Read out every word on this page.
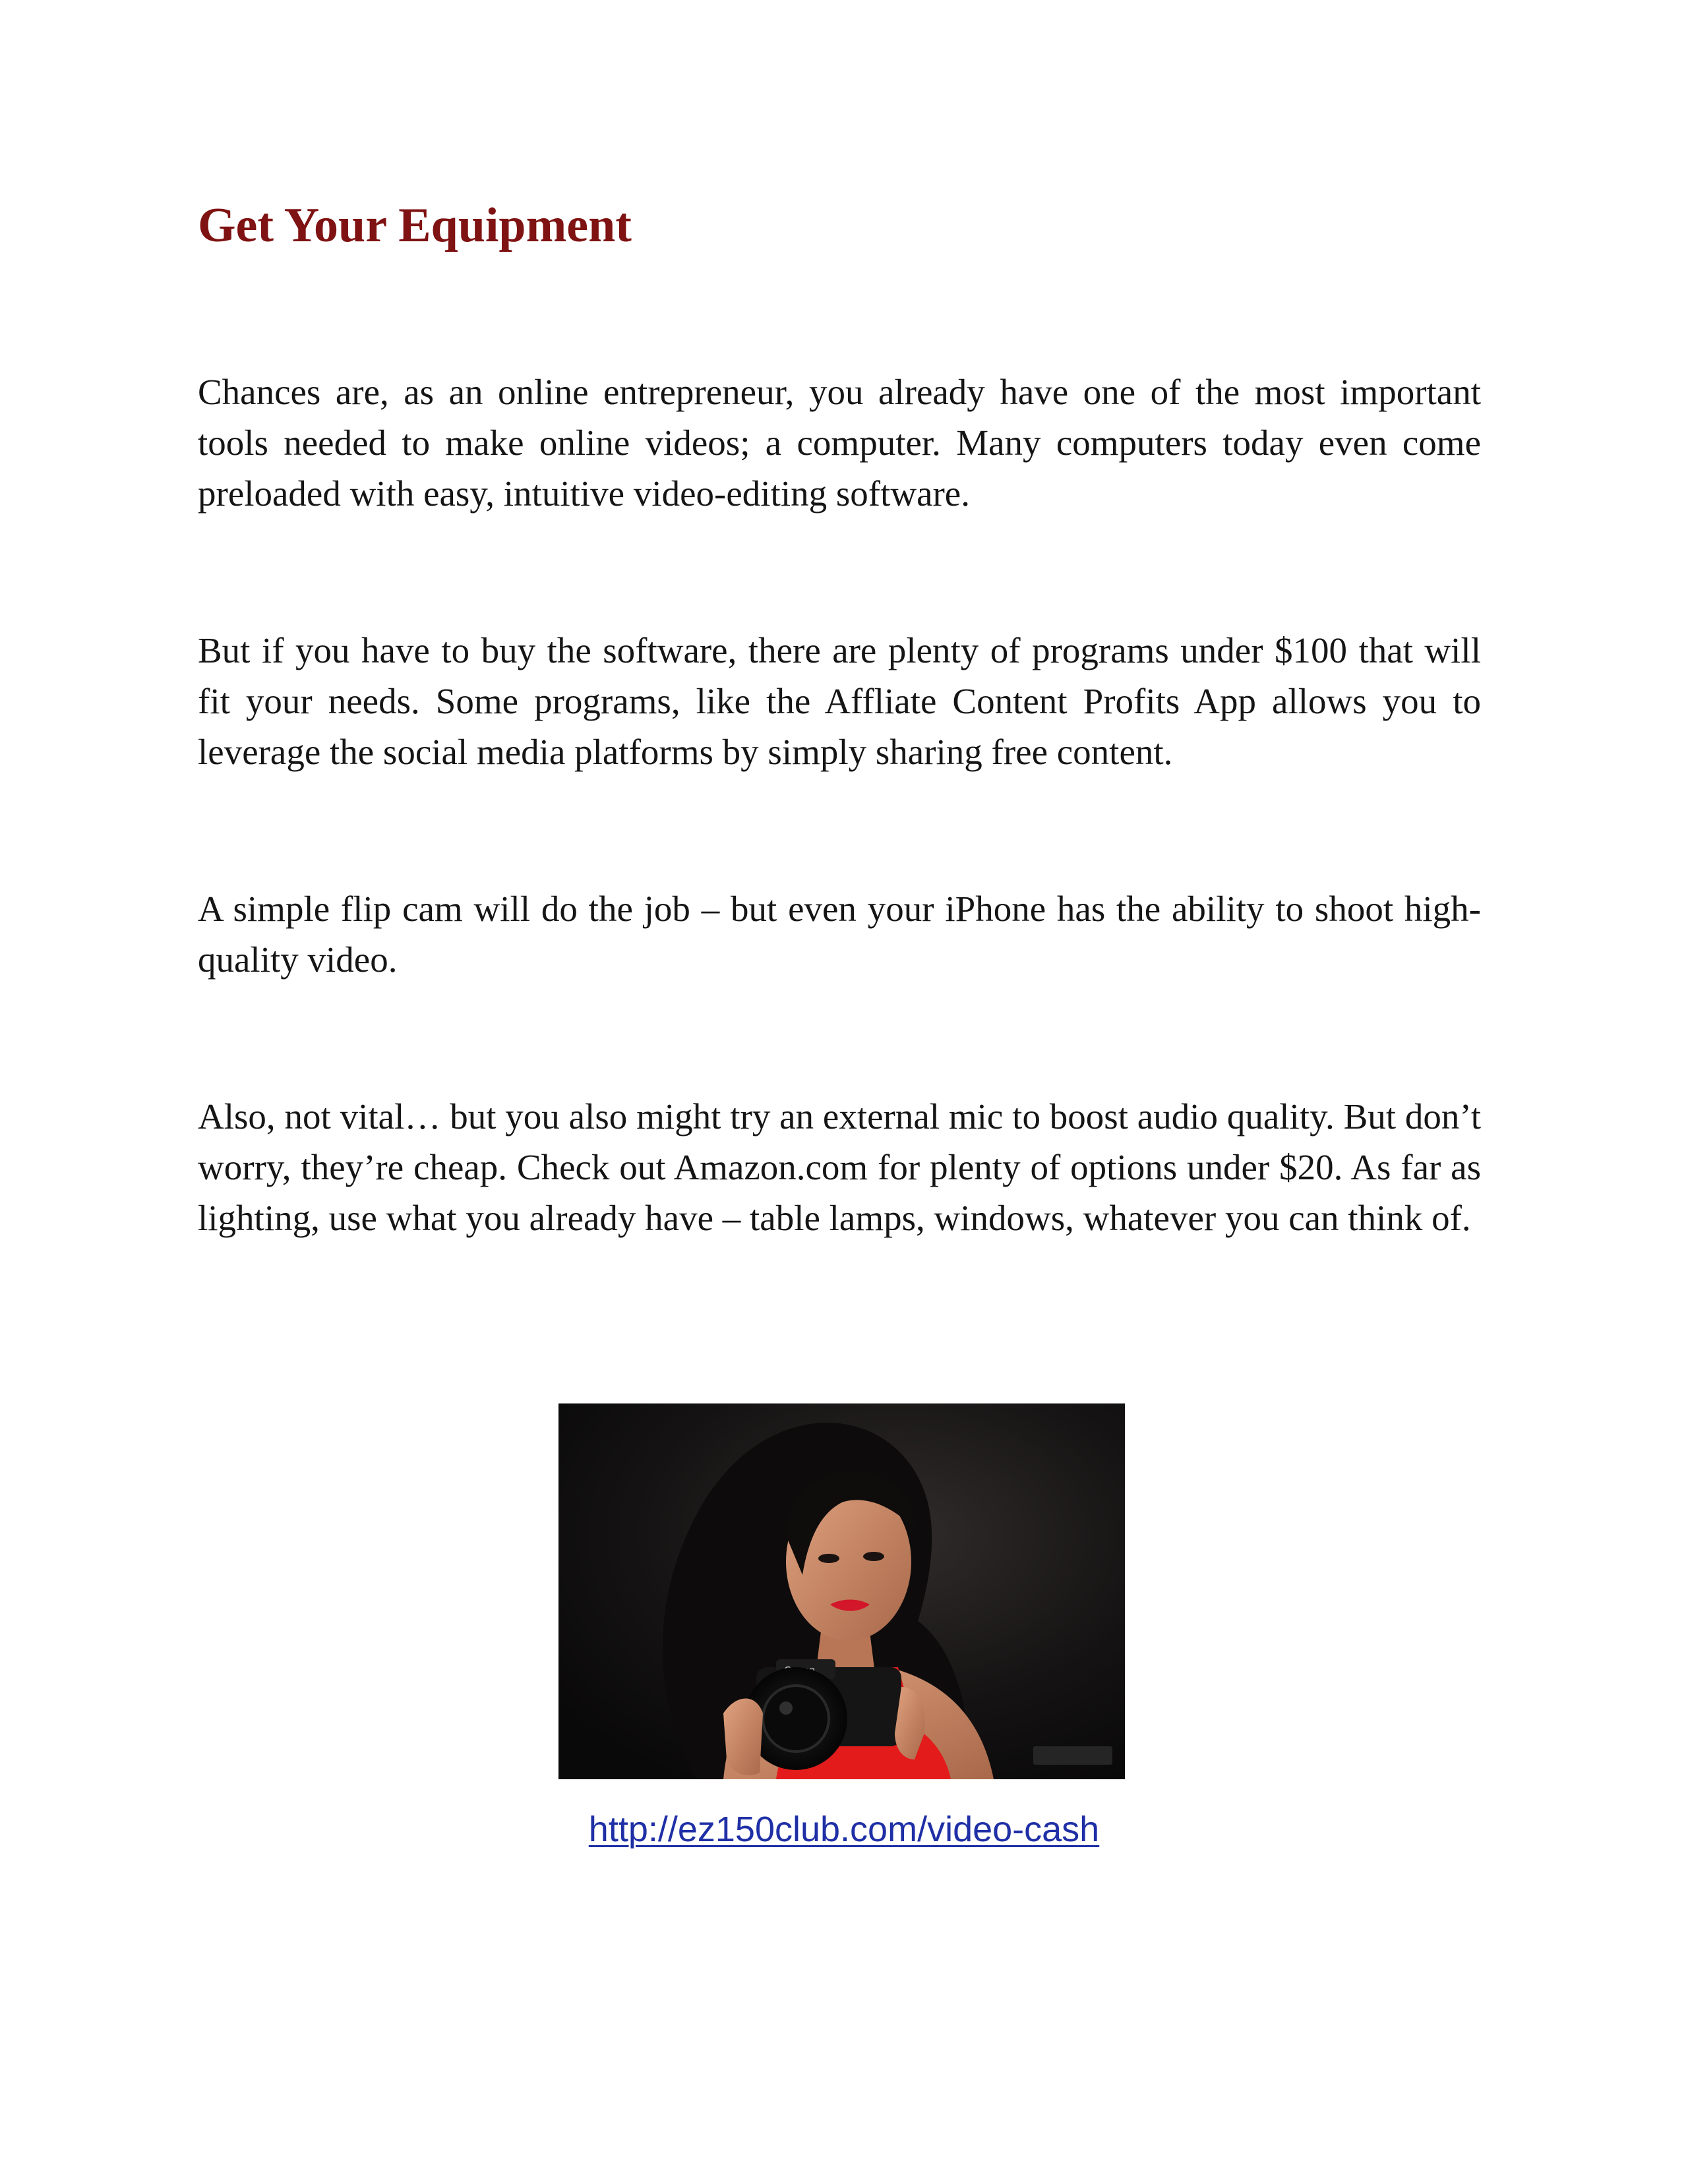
Get Your Equipment

Chances are, as an online entrepreneur, you already have one of the most important tools needed to make online videos; a computer. Many computers today even come preloaded with easy, intuitive video-editing software.

But if you have to buy the software, there are plenty of programs under $100 that will fit your needs. Some programs, like the Affliate Content Profits App allows you to leverage the social media platforms by simply sharing free content.

A simple flip cam will do the job – but even your iPhone has the ability to shoot high-quality video.

Also, not vital… but you also might try an external mic to boost audio quality. But don’t worry, they’re cheap. Check out Amazon.com for plenty of options under $20. As far as lighting, use what you already have – table lamps, windows, whatever you can think of.

http://ez150club.com/video-cash
